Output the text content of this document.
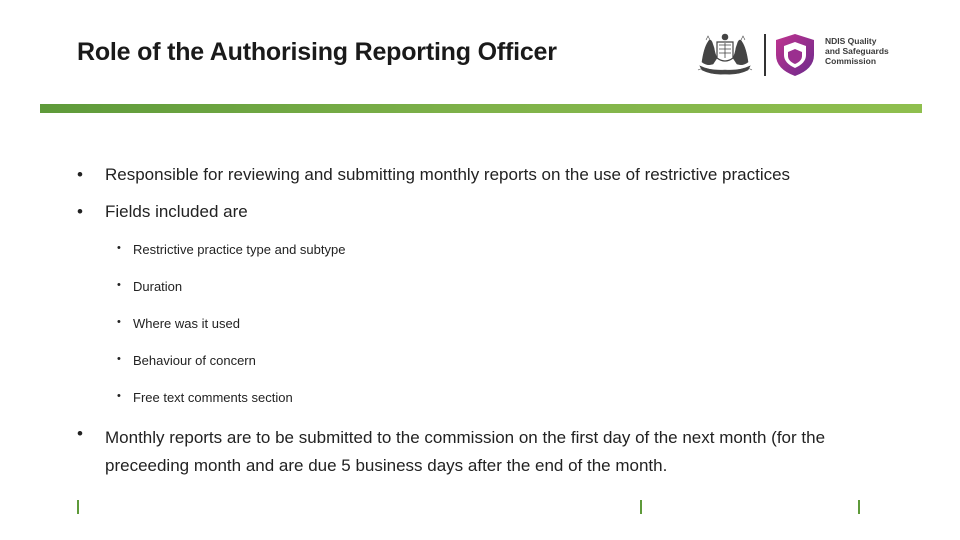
Role of the Authorising Reporting Officer	NDIS Quality
and Safeguards
Commission
• Responsible for reviewing and submitting monthly reports on the use of restrictive practices
• Fields included are
• Restrictive practice type and subtype
• Duration
• Where was it used
• Behaviour of concern
• Free text comments section
• Monthly reports are to be submitted to the commission on the first day of the next month (for the preceeding month and are due 5 business days after the end of the month.
